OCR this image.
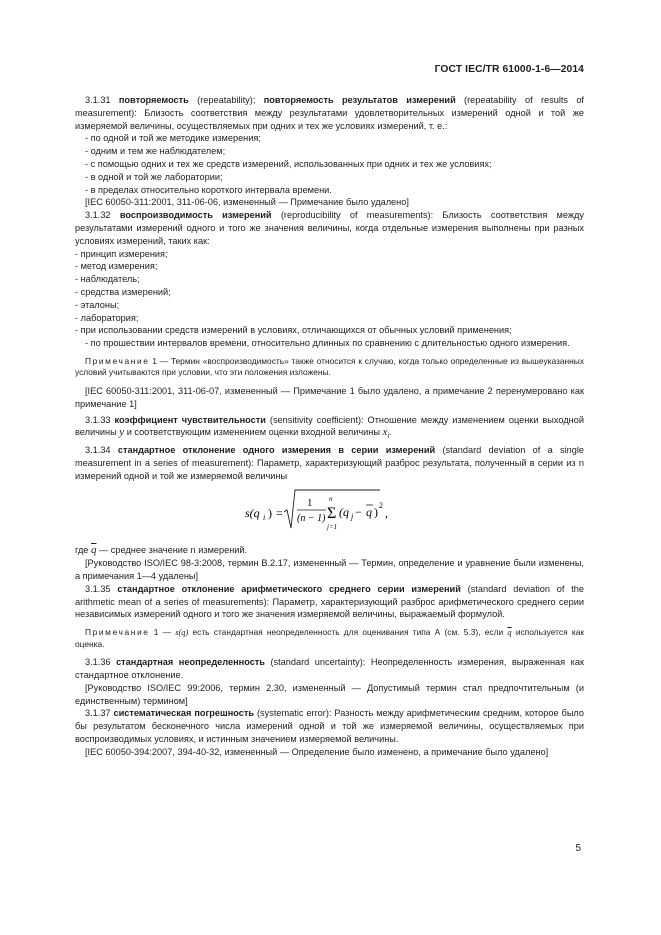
ГОСТ IEC/TR 61000-1-6—2014

3.1.31 повторяемость (repeatability); повторяемость результатов измерений (repeatability of results of measurement): Близость соответствия между результатами удовлетворительных измерений одной и той же измеряемой величины, осуществляемых при одних и тех же условиях измерений, т. е.:

- по одной и той же методике измерения;

- одним и тем же наблюдателем;

- с помощью одних и тех же средств измерений, использованных при одних и тех же условиях;

- в одной и той же лаборатории;

- в пределах относительно короткого интервала времени.

[IEC 60050-311:2001, 311-06-06, измененный — Примечание было удалено]

3.1.32 воспроизводимость измерений (reproducibility of measurements): Близость соответствия между результатами измерений одного и того же значения величины, когда отдельные измерения выполнены при разных условиях измерений, таких как:

- принцип измерения;

- метод измерения;

- наблюдатель;

- средства измерений;

- эталоны;

- лаборатория;

- при использовании средств измерений в условиях, отличающихся от обычных условий применения;

- по прошествии интервалов времени, относительно длинных по сравнению с длительностью одного измерения.

Примечание 1 — Термин «воспроизводимость» также относится к случаю, когда только определенные из вышеуказанных условий учитываются при условии, что эти положения изложены.

[IEC 60050-311:2001, 311-06-07, измененный — Примечание 1 было удалено, а примечание 2 перенумеровано как примечание 1]

3.1.33 коэффициент чувствительности (sensitivity coefficient): Отношение между изменением оценки выходной величины y и соответствующим изменением оценки входной величины $x_i$.

3.1.34 стандартное отклонение одного измерения в серии измерений (standard deviation of a single measurement in a series of measurement): Параметр, характеризующий разброс результата, полученный в серии из n измерений одной и той же измеряемой величины

s(q i ) =
1
(n − 1)
n
Σ
j=1
(q j − q ) 2
,

где $\overline{q}$ — среднее значение n измерений.

[Руководство ISO/IEC 98-3:2008, термин B.2.17, измененный — Термин, определение и уравнение были изменены, а примечания 1—4 удалены]

3.1.35 стандартное отклонение арифметического среднего серии измерений (standard deviation of the arithmetic mean of a series of measurements): Параметр, характеризующий разброс арифметического среднего серии независимых измерений одного и того же значения измеряемой величины, выражаемый формулой.

Примечание 1 — s(q) есть стандартная неопределенность для оценивания типа А (см. 5.3), если $\overline{q}$ используется как оценка.

3.1.36 стандартная неопределенность (standard uncertainty): Неопределенность измерения, выраженная как стандартное отклонение.

[Руководство ISO/IEC 99:2006, термин 2.30, измененный — Допустимый термин стал предпочтительным (и единственным) термином]

3.1.37 систематическая погрешность (systematic error): Разность между арифметическим средним, которое было бы результатом бесконечного числа измерений одной и той же измеряемой величины, осуществляемых при воспроизводимых условиях, и истинным значением измеряемой величины.

[IEC 60050-394:2007, 394-40-32, измененный — Определение было изменено, а примечание было удалено]

5
